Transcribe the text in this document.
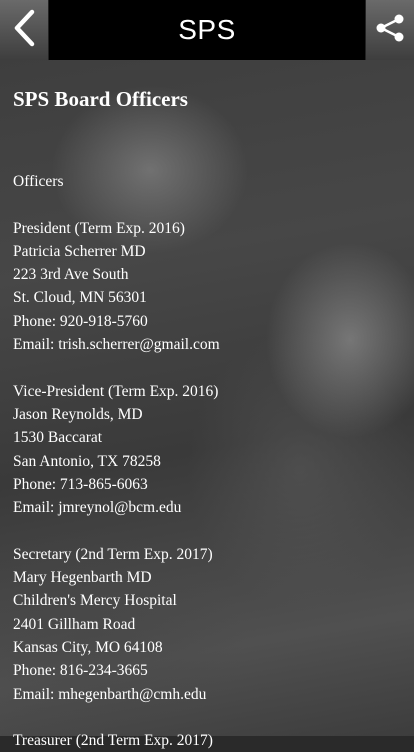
SPS
SPS Board Officers
Officers
President (Term Exp. 2016)
Patricia Scherrer MD
223 3rd Ave South
St. Cloud, MN 56301
Phone: 920-918-5760
Email: trish.scherrer@gmail.com
Vice-President (Term Exp. 2016)
Jason Reynolds, MD
1530 Baccarat
San Antonio, TX 78258
Phone: 713-865-6063
Email: jmreynol@bcm.edu
Secretary (2nd Term Exp. 2017)
Mary Hegenbarth MD
Children's Mercy Hospital
2401 Gillham Road
Kansas City, MO 64108
Phone: 816-234-3665
Email: mhegenbarth@cmh.edu
Treasurer (2nd Term Exp. 2017)
